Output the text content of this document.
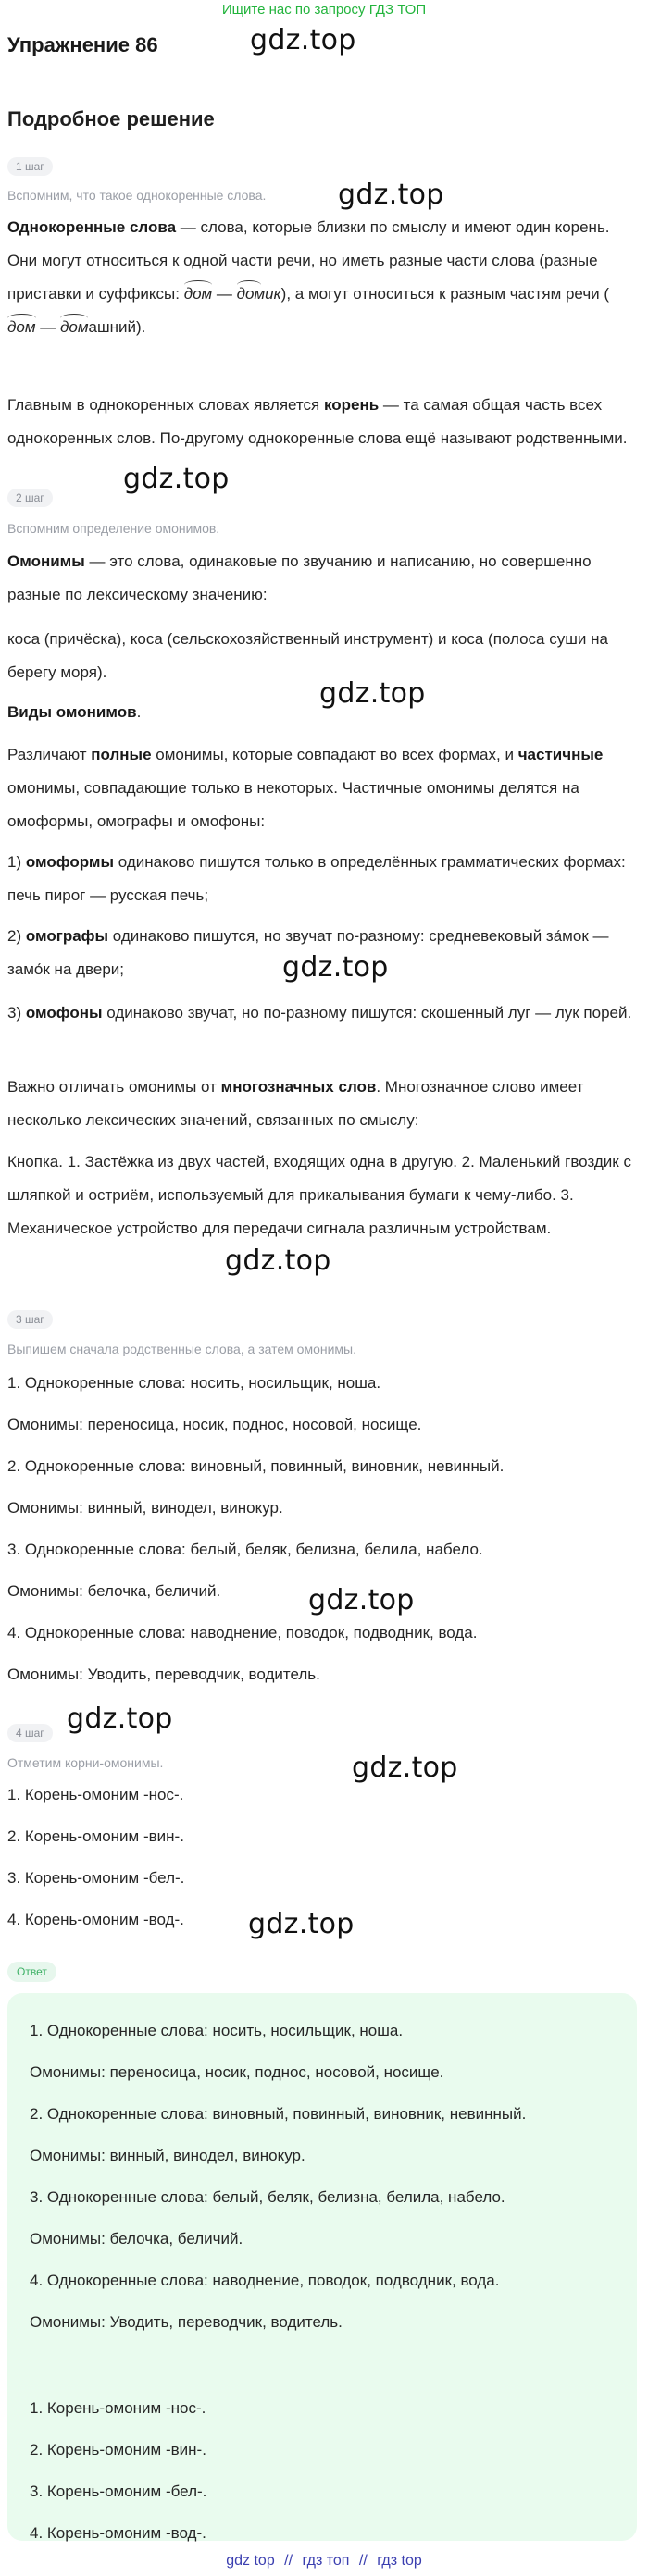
Ищите нас по запросу ГДЗ ТОП
Упражнение 86
Подробное решение
gdz.top
gdz.top
gdz.top
gdz.top
gdz.top
gdz.top
gdz.top
gdz.top
gdz.top
gdz.top
1 шаг
Вспомним, что такое однокоренные слова.
Однокоренные слова — слова, которые близки по смыслу и имеют один корень. Они могут относиться к одной части речи, но иметь разные части слова (разные приставки и суффиксы:
дом —
домик), а могут относиться к разным частям речи (
дом —
домашний).
Главным в однокоренных словах является корень — та самая общая часть всех однокоренных слов. По-другому однокоренные слова ещё называют родственными.
2 шаг
Вспомним определение омонимов.
Омонимы — это слова, одинаковые по звучанию и написанию, но совершенно разные по лексическому значению:
коса (причёска), коса (сельскохозяйственный инструмент) и коса (полоса суши на берегу моря).
Виды омонимов.
Различают полные омонимы, которые совпадают во всех формах, и частичные омонимы, совпадающие только в некоторых. Частичные омонимы делятся на омоформы, омографы и омофоны:
1) омоформы одинаково пишутся только в определённых грамматических формах: печь пирог — русская печь;
2) омографы одинаково пишутся, но звучат по-разному: средневековый за́мок — замо́к на двери;
3) омофоны одинаково звучат, но по-разному пишутся: скошенный луг — лук порей.
Важно отличать омонимы от многозначных слов. Многозначное слово имеет несколько лексических значений, связанных по смыслу:
Кнопка. 1. Застёжка из двух частей, входящих одна в другую. 2. Маленький гвоздик с шляпкой и остриём, используемый для прикалывания бумаги к чему-либо. 3. Механическое устройство для передачи сигнала различным устройствам.
3 шаг
Выпишем сначала родственные слова, а затем омонимы.
1. Однокоренные слова: носить, носильщик, ноша.
Омонимы: переносица, носик, поднос, носовой, носище.
2. Однокоренные слова: виновный, повинный, виновник, невинный.
Омонимы: винный, винодел, винокур.
3. Однокоренные слова: белый, беляк, белизна, белила, набело.
Омонимы: белочка, беличий.
4. Однокоренные слова: наводнение, поводок, подводник, вода.
Омонимы: Уводить, переводчик, водитель.
4 шаг
Отметим корни-омонимы.
1. Корень-омоним -нос-.
2. Корень-омоним -вин-.
3. Корень-омоним -бел-.
4. Корень-омоним -вод-.
Ответ
1. Однокоренные слова: носить, носильщик, ноша.
Омонимы: переносица, носик, поднос, носовой, носище.
2. Однокоренные слова: виновный, повинный, виновник, невинный.
Омонимы: винный, винодел, винокур.
3. Однокоренные слова: белый, беляк, белизна, белила, набело.
Омонимы: белочка, беличий.
4. Однокоренные слова: наводнение, поводок, подводник, вода.
Омонимы: Уводить, переводчик, водитель.
1. Корень-омоним -нос-.
2. Корень-омоним -вин-.
3. Корень-омоним -бел-.
4. Корень-омоним -вод-.
gdz top // гдз топ // гдз top
